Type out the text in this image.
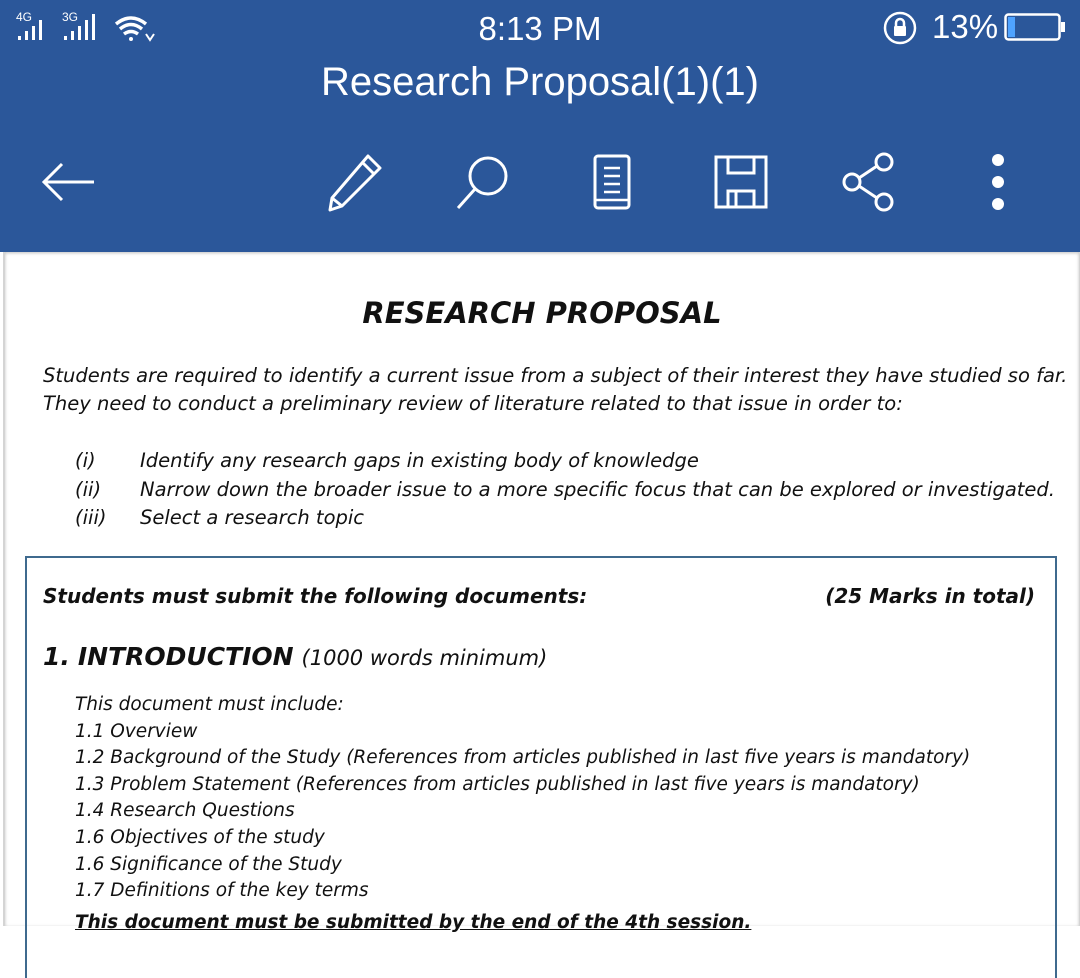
4G 3G	8:13 PM	13%
Research Proposal(1)(1)
RESEARCH PROPOSAL
Students are required to identify a current issue from a subject of their interest they have studied so far.
They need to conduct a preliminary review of literature related to that issue in order to:
(i) Identify any research gaps in existing body of knowledge
(ii) Narrow down the broader issue to a more specific focus that can be explored or investigated.
(iii) Select a research topic
Students must submit the following documents:	(25 Marks in total)
1. INTRODUCTION (1000 words minimum)
This document must include:
1.1 Overview
1.2 Background of the Study (References from articles published in last five years is mandatory)
1.3 Problem Statement (References from articles published in last five years is mandatory)
1.4 Research Questions
1.6 Objectives of the study
1.6 Significance of the Study
1.7 Definitions of the key terms
This document must be submitted by the end of the 4th session.
